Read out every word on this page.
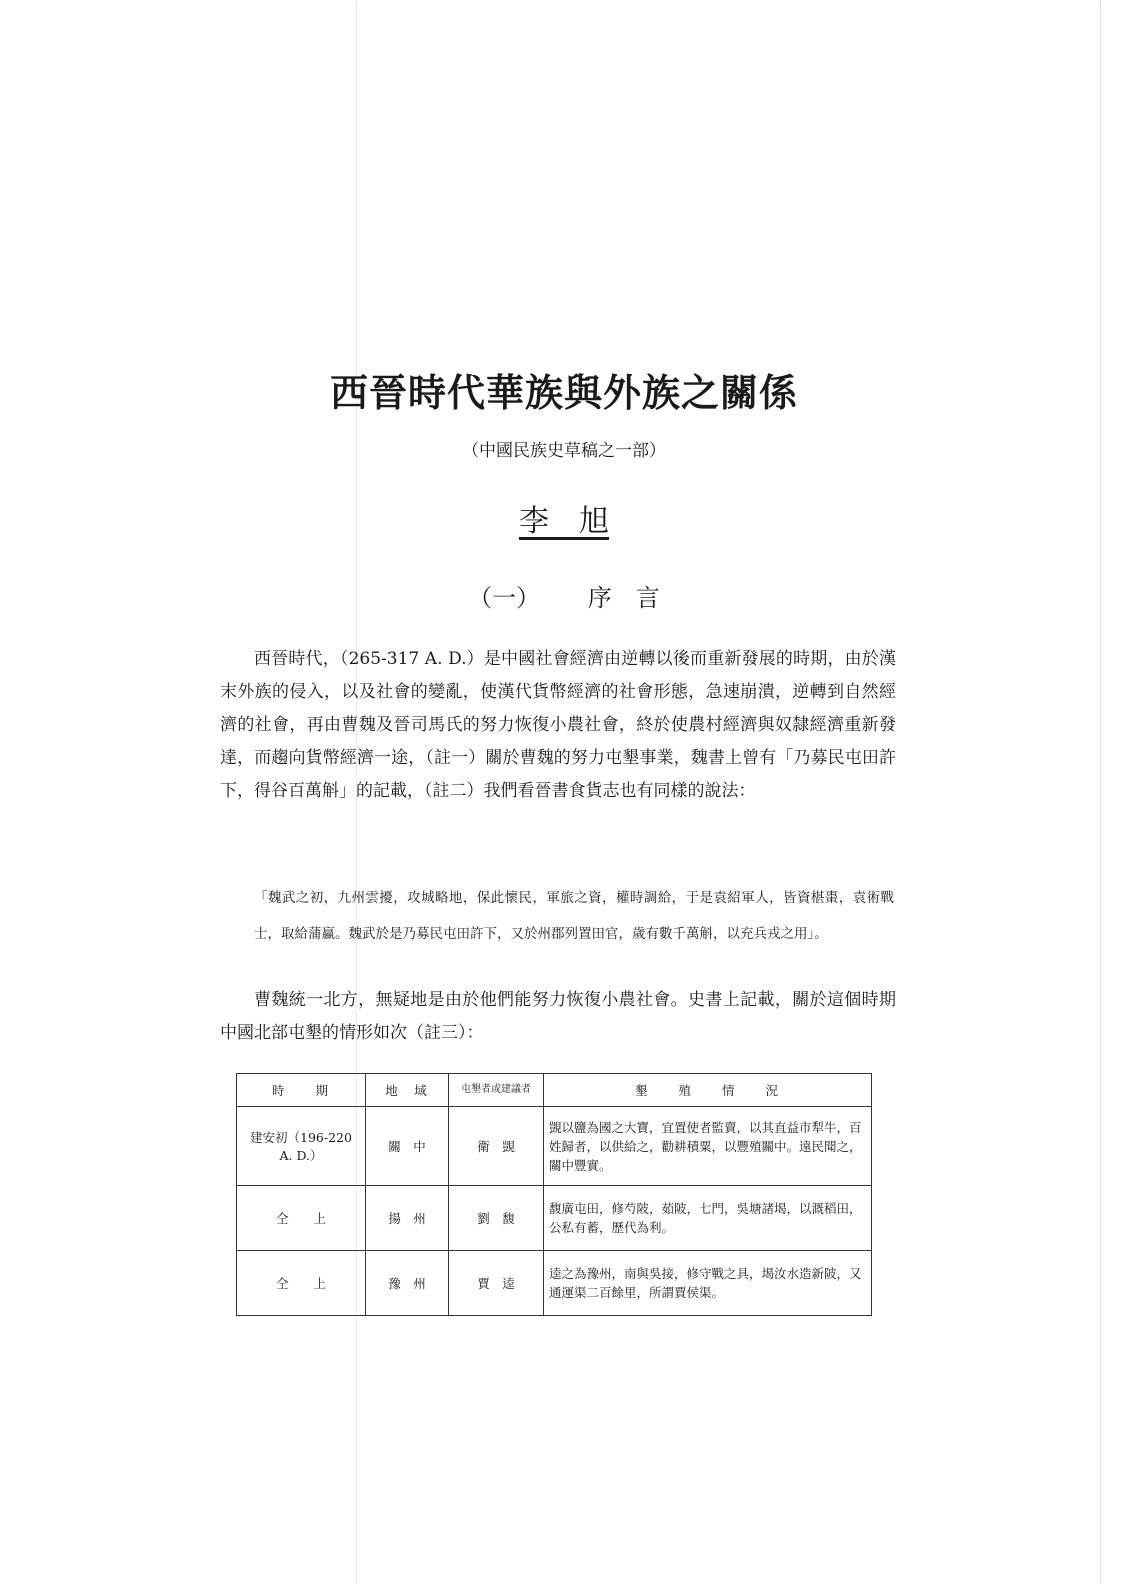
西晉時代華族與外族之關係
（中國民族史草稿之一部）
李　旭
（一） 序　言
西晉時代，（265-317 A. D.）是中國社會經濟由逆轉以後而重新發展的時期，由於漢末外族的侵入，以及社會的變亂，使漢代貨幣經濟的社會形態，急速崩潰，逆轉到自然經濟的社會，再由曹魏及晉司馬氏的努力恢復小農社會，終於使農村經濟與奴隸經濟重新發達，而趨向貨幣經濟一途，（註一）關於曹魏的努力屯墾事業，魏書上曾有「乃募民屯田許下，得谷百萬斛」的記載，（註二）我們看晉書食貨志也有同樣的說法：
「魏武之初，九州雲擾，攻城略地，保此懷民，軍旅之資，權時調給，于是袁紹軍人，皆資椹棗，袁術戰士，取給蒲蠃。魏武於是乃募民屯田許下，又於州郡列置田官，歲有數千萬斛，以充兵戎之用」。
曹魏統一北方，無疑地是由於他們能努力恢復小農社會。史書上記載，關於這個時期中國北部屯墾的情形如次（註三）：
時　　期	地　域	屯墾者或建議者	墾　　殖　　情　　況
建安初（196-220 A. D.）	關　中	衛　覬	覬以鹽為國之大寶，宜置使者監賣，以其直益市犁牛，百姓歸者，以供給之，勸耕積粟，以豐殖關中。遠民聞之，關中豐實。
仝　　上	揚　州	劉　馥	馥廣屯田，修芍陂，茹陂，七門，吳塘諸堨，以溉稻田，公私有蓄，歷代為利。
仝　　上	豫　州	賈　逵	逵之為豫州，南與吳接，修守戰之具，堨汝水造新陂，又通運渠二百餘里，所謂賈侯渠。
